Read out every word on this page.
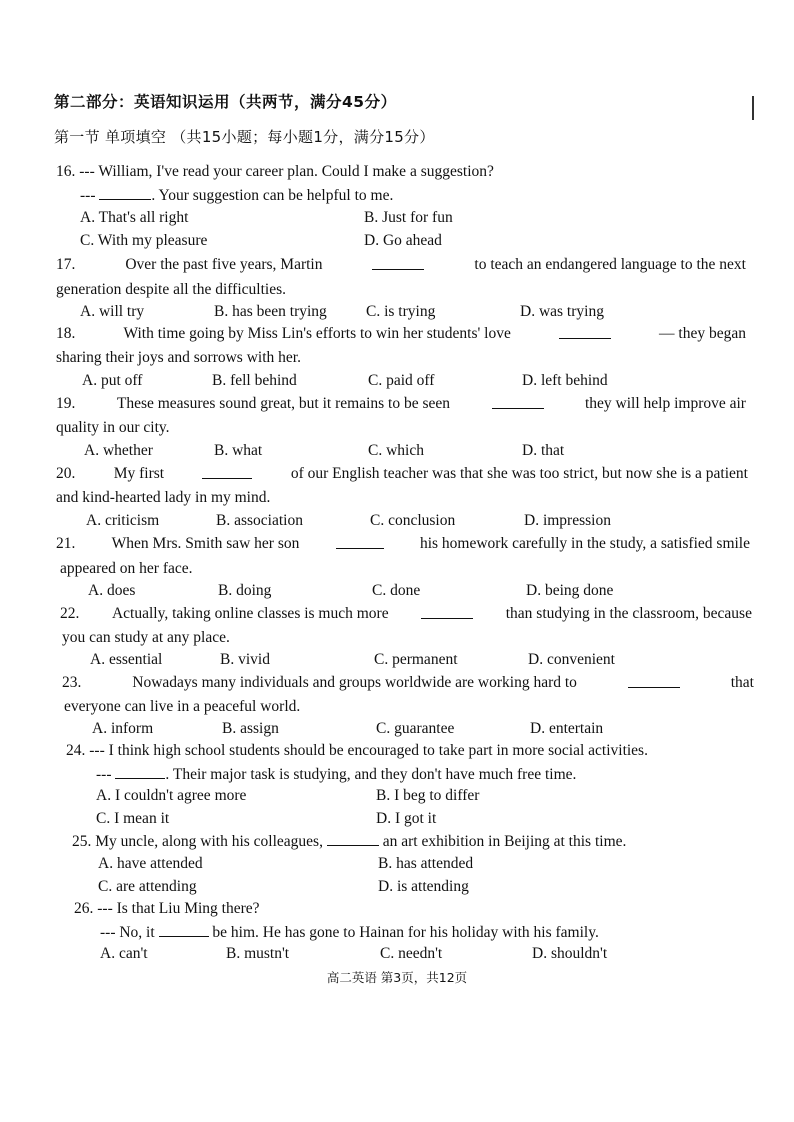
第二部分：英语知识运用（共两节，满分45分）
第一节 单项填空 （共15小题；每小题1分，满分15分）
16. --- William, I've read your career plan. Could I make a suggestion?
---	. Your suggestion can be helpful to me.
A. That's all right	B. Just for fun
C. With my pleasure	D. Go ahead
17.	Over the past five years, Martin	to teach an endangered language to the next
generation despite all the difficulties.
A. will try	B. has been trying	C. is trying	D. was trying
18.	With time going by Miss Lin's efforts to win her students' love	— they began
sharing their joys and sorrows with her.
A. put off	B. fell behind	C. paid off	D. left behind
19.	These measures sound great, but it remains to be seen	they will help improve air
quality in our city.
A. whether	B. what	C. which	D. that
20. My first	of our English teacher was that she was too strict, but now she is a patient
and kind-hearted lady in my mind.
A. criticism	B. association	C. conclusion	D. impression
21. When Mrs. Smith saw her son	his homework carefully in the study, a satisfied smile
appeared on her face.
A. does	B. doing	C. done	D. being done
22. Actually, taking online classes is much more	than studying in the classroom, because
you can study at any place.
A. essential	B. vivid	C. permanent	D. convenient
23.	Nowadays many individuals and groups worldwide are working hard to	that
everyone can live in a peaceful world.
A. inform	B. assign	C. guarantee	D. entertain
24. --- I think high school students should be encouraged to take part in more social activities.
---	. Their major task is studying, and they don't have much free time.
A. I couldn't agree more	B. I beg to differ
C. I mean it	D. I got it
25. My uncle, along with his colleagues,	an art exhibition in Beijing at this time.
A. have attended	B. has attended
C. are attending	D. is attending
26. --- Is that Liu Ming there?
--- No, it	be him. He has gone to Hainan for his holiday with his family.
A. can't	B. mustn't	C. needn't	D. shouldn't
高二英语 第3页，共12页
